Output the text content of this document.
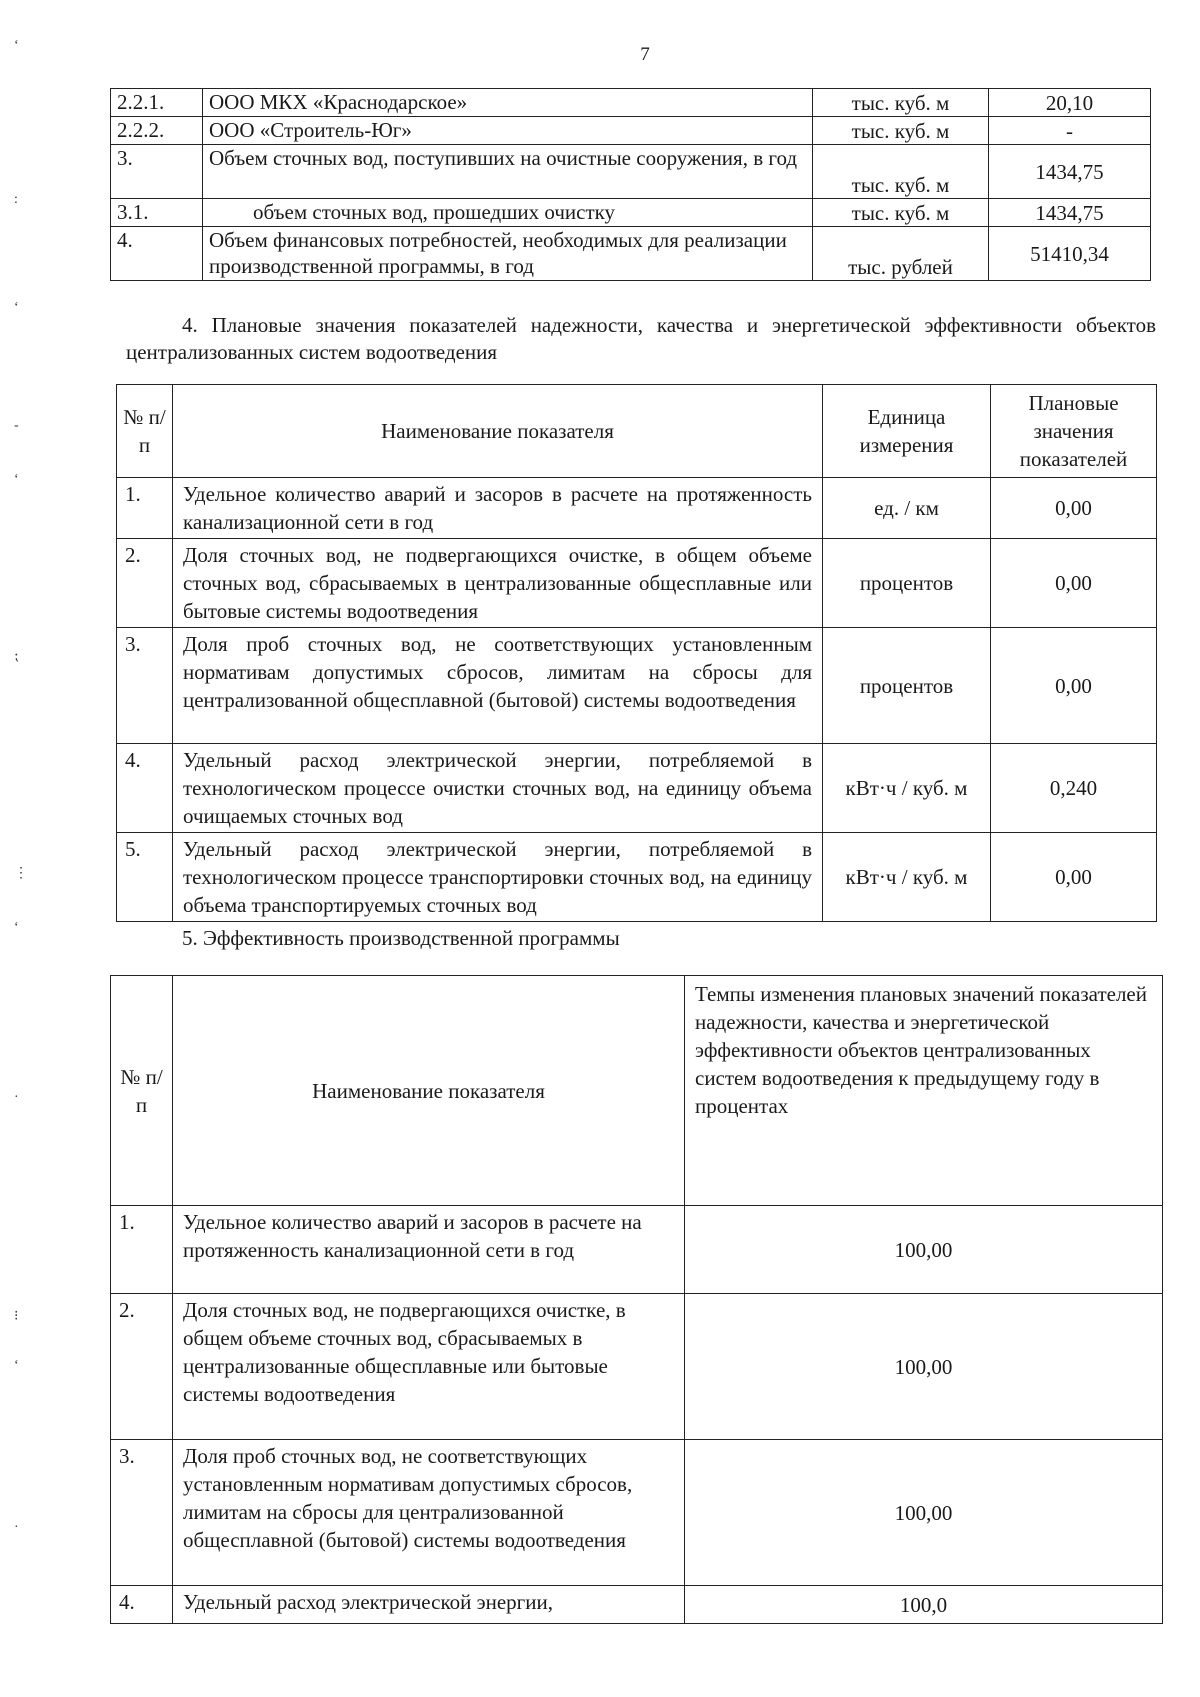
ʻ
:
ʻ
-
ʻ
⁏
⋮
ʻ
·
⁝
ʻ
·
7
2.2.1.	ООО МКХ «Краснодарское»	тыс. куб. м	20,10
2.2.2.	ООО «Строитель-Юг»	тыс. куб. м	-
3.	Объем сточных вод, поступивших на очистные сооружения, в год	тыс. куб. м	1434,75
3.1.	объем сточных вод, прошедших очистку	тыс. куб. м	1434,75
4.	Объем финансовых потребностей, необходимых для реализации производственной программы, в год	тыс. рублей	51410,34
4. Плановые значения показателей надежности, качества и энергетической эффективности объектов централизованных систем водоотведения
№ п/п	Наименование показателя	Единица измерения	Плановые значения показателей
1.	Удельное количество аварий и засоров в расчете на протяженность канализационной сети в год	ед. / км	0,00
2.	Доля сточных вод, не подвергающихся очистке, в общем объеме сточных вод, сбрасываемых в централизованные общесплавные или бытовые системы водоотведения	процентов	0,00
3.	Доля проб сточных вод, не соответствующих установленным нормативам допустимых сбросов, лимитам на сбросы для централизованной общесплавной (бытовой) системы водоотведения	процентов	0,00
4.	Удельный расход электрической энергии, потребляемой в технологическом процессе очистки сточных вод, на единицу объема очищаемых сточных вод	кВт·ч / куб. м	0,240
5.	Удельный расход электрической энергии, потребляемой в технологическом процессе транспортировки сточных вод, на единицу объема транспортируемых сточных вод	кВт·ч / куб. м	0,00
5. Эффективность производственной программы
№ п/п	Наименование показателя	Темпы изменения плановых значений показателей надежности, качества и энергетической эффективности объектов централизованных систем водоотведения к предыдущему году в процентах
1.	Удельное количество аварий и засоров в расчете на протяженность канализационной сети в год	100,00
2.	Доля сточных вод, не подвергающихся очистке, в общем объеме сточных вод, сбрасываемых в централизованные общесплавные или бытовые системы водоотведения	100,00
3.	Доля проб сточных вод, не соответствующих установленным нормативам допустимых сбросов, лимитам на сбросы для централизованной общесплавной (бытовой) системы водоотведения	100,00
4.	Удельный расход электрической энергии,	100,0
